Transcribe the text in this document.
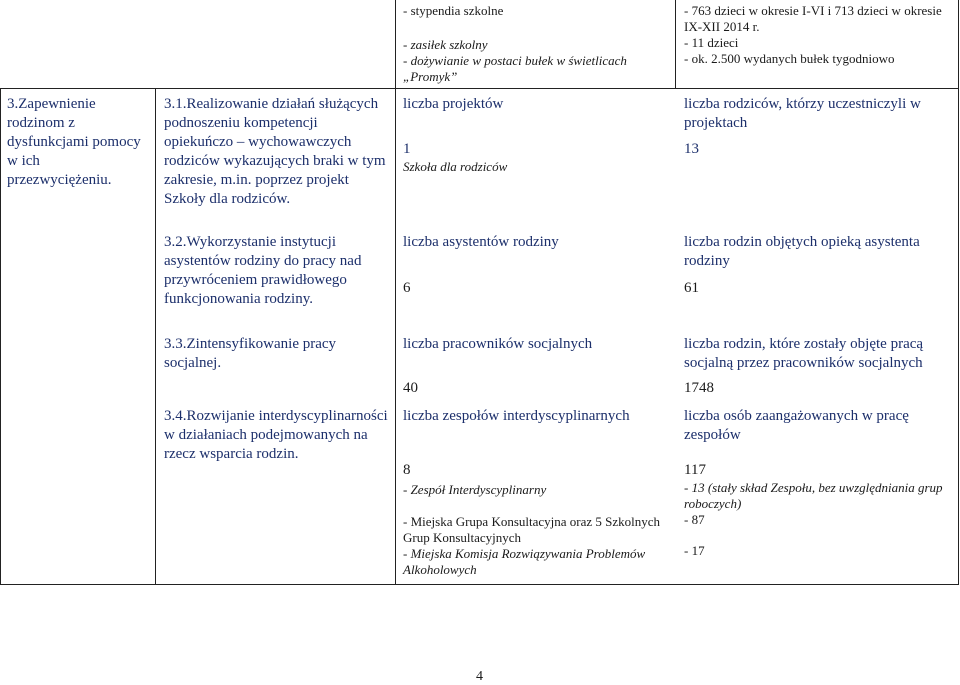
- stypendia szkolne
- zasiłek szkolny
- dożywianie w postaci bułek w świetlicach „Promyk”
- 763 dzieci w okresie I-VI i 713 dzieci w okresie IX-XII 2014 r.
- 11 dzieci
- ok. 2.500 wydanych bułek tygodniowo
3.Zapewnienie rodzinom z dysfunkcjami pomocy w ich przezwyciężeniu.
3.1.Realizowanie działań służących podnoszeniu kompetencji opiekuńczo – wychowawczych rodziców wykazujących braki w tym zakresie, m.in. poprzez projekt Szkoły dla rodziców.
liczba projektów
1
Szkoła dla rodziców
liczba rodziców, którzy uczestniczyli w projektach
13
3.2.Wykorzystanie instytucji asystentów rodziny do pracy nad przywróceniem prawidłowego funkcjonowania rodziny.
liczba asystentów rodziny
6
liczba rodzin objętych opieką asystenta rodziny
61
3.3.Zintensyfikowanie pracy socjalnej.
liczba pracowników socjalnych
40
liczba rodzin, które zostały objęte pracą socjalną przez pracowników socjalnych
1748
3.4.Rozwijanie interdyscyplinarności w działaniach podejmowanych na rzecz wsparcia rodzin.
liczba zespołów interdyscyplinarnych
8
- Zespół Interdyscyplinarny
- Miejska Grupa Konsultacyjna oraz 5 Szkolnych Grup Konsultacyjnych
- Miejska Komisja Rozwiązywania Problemów Alkoholowych
liczba osób zaangażowanych w pracę zespołów
117
- 13 (stały skład Zespołu, bez uwzględniania grup roboczych)
- 87
- 17
4
